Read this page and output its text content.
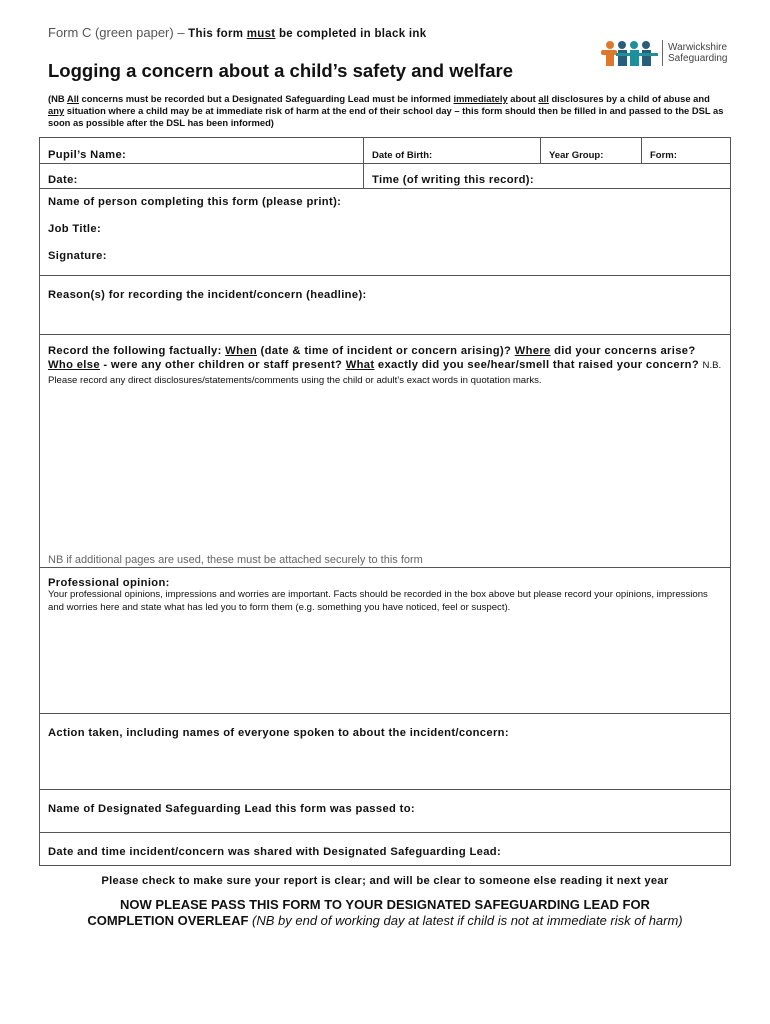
Form C (green paper) – This form must be completed in black ink
Warwickshire
Safeguarding
Logging a concern about a child’s safety and welfare
(NB All concerns must be recorded but a Designated Safeguarding Lead must be informed immediately about all disclosures by a child of abuse and any situation where a child may be at immediate risk of harm at the end of their school day – this form should then be filled in and passed to the DSL as soon as possible after the DSL has been informed)
Pupil’s Name:	Date of Birth:	Year Group:	Form:
Date:	Time (of writing this record):		

Name of person completing this form (please print):
Job Title:
Signature:			

Reason(s) for recording the incident/concern (headline):			

Record the following factually: When (date & time of incident or concern arising)? Where did your concerns arise? Who else - were any other children or staff present? What exactly did you see/hear/smell that raised your concern? N.B. Please record any direct disclosures/statements/comments using the child or adult’s exact words in quotation marks.
NB if additional pages are used, these must be attached securely to this form			

Professional opinion:
Your professional opinions, impressions and worries are important. Facts should be recorded in the box above but please record your opinions, impressions and worries here and state what has led you to form them (e.g. something you have noticed, feel or suspect).			

Action taken, including names of everyone spoken to about the incident/concern:			
Name of Designated Safeguarding Lead this form was passed to:			
Date and time incident/concern was shared with Designated Safeguarding Lead:			
Please check to make sure your report is clear; and will be clear to someone else reading it next year
NOW PLEASE PASS THIS FORM TO YOUR DESIGNATED SAFEGUARDING LEAD FOR
COMPLETION OVERLEAF (NB by end of working day at latest if child is not at immediate risk of harm)
